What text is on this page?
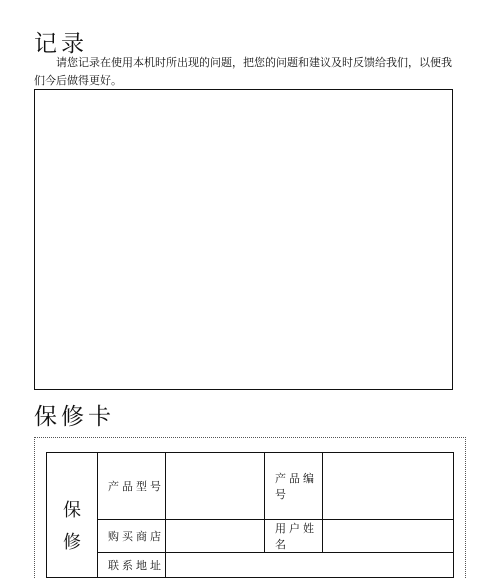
记录

请您记录在使用本机时所出现的问题，把您的问题和建议及时反馈给我们，以便我们今后做得更好。

保修卡
保
修	产品型号		产品编号	
	购买商店		用户姓名	
	联系地址			
